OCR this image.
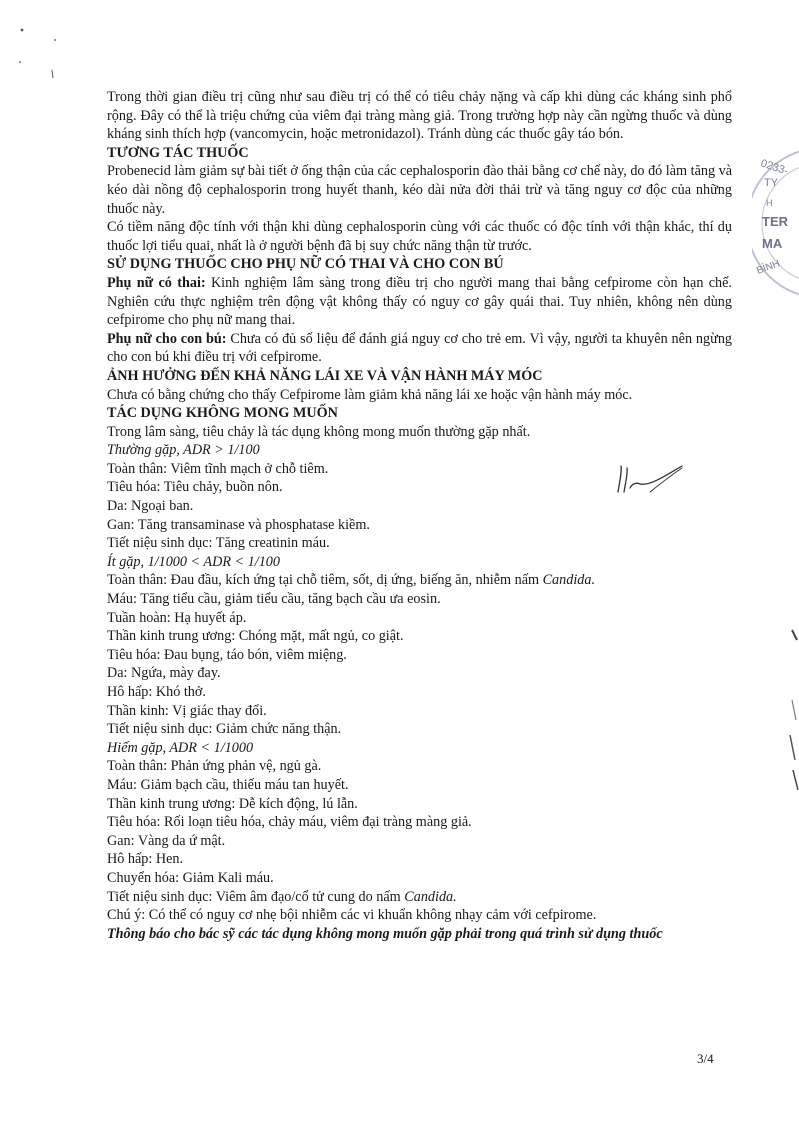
Trong thời gian điều trị cũng như sau điều trị có thể có tiêu chảy nặng và cấp khi dùng các kháng sinh phổ rộng. Đây có thể là triệu chứng của viêm đại tràng màng giả. Trong trường hợp này cần ngừng thuốc và dùng kháng sinh thích hợp (vancomycin, hoặc metronidazol). Tránh dùng các thuốc gây táo bón.

TƯƠNG TÁC THUỐC

Probenecid làm giảm sự bài tiết ở ống thận của các cephalosporin đào thải bằng cơ chế này, do đó làm tăng và kéo dài nồng độ cephalosporin trong huyết thanh, kéo dài nửa đời thải trừ và tăng nguy cơ độc của những thuốc này.

Có tiềm năng độc tính với thận khi dùng cephalosporin cùng với các thuốc có độc tính với thận khác, thí dụ thuốc lợi tiểu quai, nhất là ở người bệnh đã bị suy chức năng thận từ trước.

SỬ DỤNG THUỐC CHO PHỤ NỮ CÓ THAI VÀ CHO CON BÚ

Phụ nữ có thai: Kinh nghiệm lâm sàng trong điều trị cho người mang thai bằng cefpirome còn hạn chế. Nghiên cứu thực nghiệm trên động vật không thấy có nguy cơ gây quái thai. Tuy nhiên, không nên dùng cefpirome cho phụ nữ mang thai.

Phụ nữ cho con bú: Chưa có đủ số liệu để đánh giá nguy cơ cho trẻ em. Vì vậy, người ta khuyên nên ngừng cho con bú khi điều trị với cefpirome.

ẢNH HƯỞNG ĐẾN KHẢ NĂNG LÁI XE VÀ VẬN HÀNH MÁY MÓC

Chưa có bằng chứng cho thấy Cefpirome làm giảm khả năng lái xe hoặc vận hành máy móc.

TÁC DỤNG KHÔNG MONG MUỐN

Trong lâm sàng, tiêu chảy là tác dụng không mong muốn thường gặp nhất.

Thường gặp, ADR > 1/100

Toàn thân: Viêm tĩnh mạch ở chỗ tiêm.

Tiêu hóa: Tiêu chảy, buồn nôn.

Da: Ngoại ban.

Gan: Tăng transaminase và phosphatase kiềm.

Tiết niệu sinh dục: Tăng creatinin máu.

Ít gặp, 1/1000 < ADR < 1/100

Toàn thân: Đau đầu, kích ứng tại chỗ tiêm, sốt, dị ứng, biếng ăn, nhiễm nấm Candida.

Máu: Tăng tiểu cầu, giảm tiểu cầu, tăng bạch cầu ưa eosin.

Tuần hoàn: Hạ huyết áp.

Thần kinh trung ương: Chóng mặt, mất ngủ, co giật.

Tiêu hóa: Đau bụng, táo bón, viêm miệng.

Da: Ngứa, mày đay.

Hô hấp: Khó thở.

Thần kinh: Vị giác thay đổi.

Tiết niệu sinh dục: Giảm chức năng thận.

Hiếm gặp, ADR < 1/1000

Toàn thân: Phản ứng phản vệ, ngủ gà.

Máu: Giảm bạch cầu, thiếu máu tan huyết.

Thần kinh trung ương: Dễ kích động, lú lẫn.

Tiêu hóa: Rối loạn tiêu hóa, chảy máu, viêm đại tràng màng giả.

Gan: Vàng da ứ mật.

Hô hấp: Hen.

Chuyển hóa: Giảm Kali máu.

Tiết niệu sinh dục: Viêm âm đạo/cổ tử cung do nấm Candida.

Chú ý: Có thể có nguy cơ nhẹ bội nhiễm các vi khuẩn không nhạy cảm với cefpirome.

Thông báo cho bác sỹ các tác dụng không mong muốn gặp phải trong quá trình sử dụng thuốc

3/4
0233-
TY
H
TER
MA
BÌNH
